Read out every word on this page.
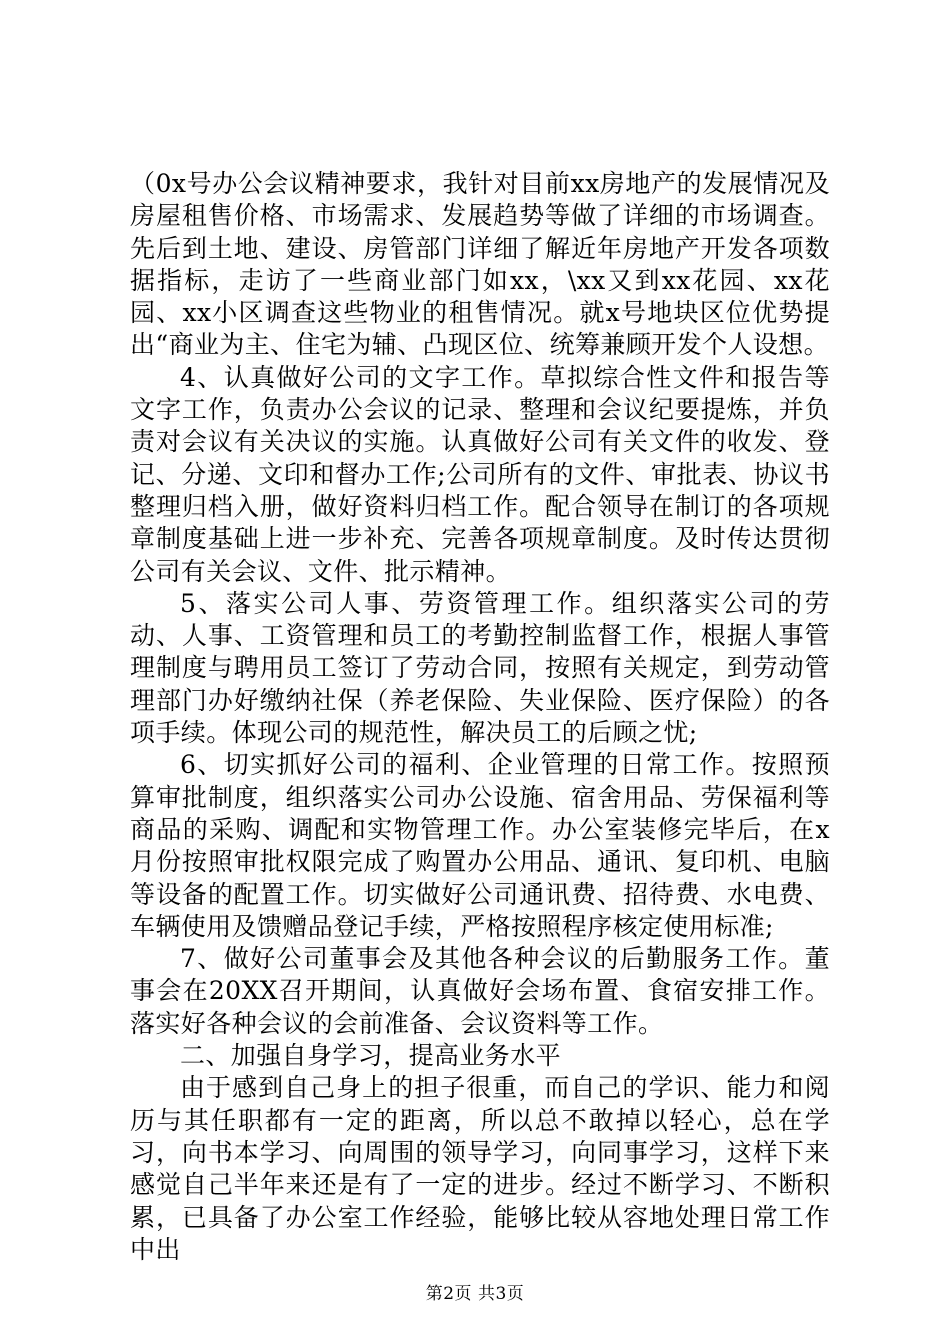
（0x号办公会议精神要求，我针对目前xx房地产的发展情况及房屋租售价格、市场需求、发展趋势等做了详细的市场调查。先后到土地、建设、房管部门详细了解近年房地产开发各项数据指标，走访了一些商业部门如xx，\xx又到xx花园、xx花园、xx小区调查这些物业的租售情况。就x号地块区位优势提出“商业为主、住宅为辅、凸现区位、统筹兼顾开发个人设想。

4、认真做好公司的文字工作。草拟综合性文件和报告等文字工作，负责办公会议的记录、整理和会议纪要提炼，并负责对会议有关决议的实施。认真做好公司有关文件的收发、登记、分递、文印和督办工作;公司所有的文件、审批表、协议书整理归档入册，做好资料归档工作。配合领导在制订的各项规章制度基础上进一步补充、完善各项规章制度。及时传达贯彻公司有关会议、文件、批示精神。

5、落实公司人事、劳资管理工作。组织落实公司的劳动、人事、工资管理和员工的考勤控制监督工作，根据人事管理制度与聘用员工签订了劳动合同，按照有关规定，到劳动管理部门办好缴纳社保（养老保险、失业保险、医疗保险）的各项手续。体现公司的规范性，解决员工的后顾之忧;

6、切实抓好公司的福利、企业管理的日常工作。按照预算审批制度，组织落实公司办公设施、宿舍用品、劳保福利等商品的采购、调配和实物管理工作。办公室装修完毕后，在x月份按照审批权限完成了购置办公用品、通讯、复印机、电脑等设备的配置工作。切实做好公司通讯费、招待费、水电费、车辆使用及馈赠品登记手续，严格按照程序核定使用标准;

7、做好公司董事会及其他各种会议的后勤服务工作。董事会在20XX召开期间，认真做好会场布置、食宿安排工作。落实好各种会议的会前准备、会议资料等工作。

二、加强自身学习，提高业务水平

由于感到自己身上的担子很重，而自己的学识、能力和阅历与其任职都有一定的距离，所以总不敢掉以轻心，总在学习，向书本学习、向周围的领导学习，向同事学习，这样下来感觉自己半年来还是有了一定的进步。经过不断学习、不断积累，已具备了办公室工作经验，能够比较从容地处理日常工作中出

第2页 共3页
